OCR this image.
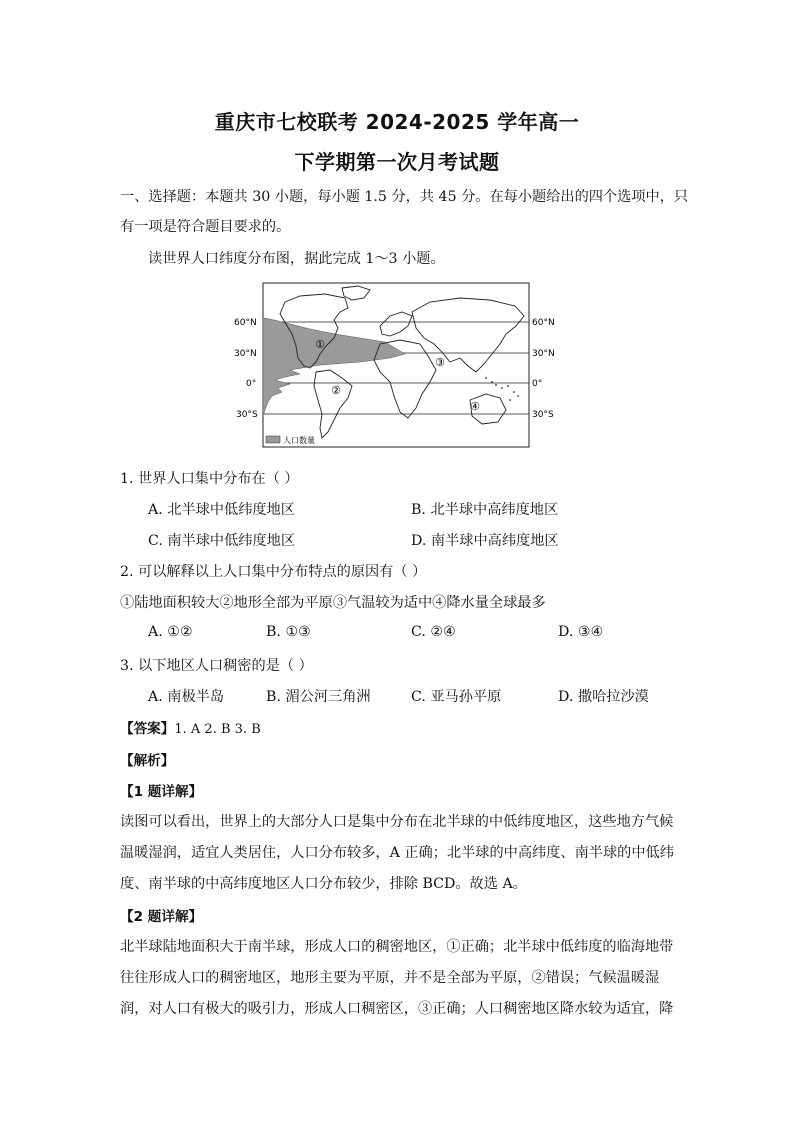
重庆市七校联考 2024-2025 学年高一
下学期第一次月考试题
一、选择题：本题共 30 小题，每小题 1.5 分，共 45 分。在每小题给出的四个选项中，只
有一项是符合题目要求的。
读世界人口纬度分布图，据此完成 1～3 小题。
①
②
③
④
60°N
30°N
0°
30°S
60°N
30°N
0°
30°S
人口数量
1. 世界人口集中分布在（ ）
A. 北半球中低纬度地区	B. 北半球中高纬度地区
C. 南半球中低纬度地区	D. 南半球中高纬度地区
2. 可以解释以上人口集中分布特点的原因有（ ）
①陆地面积较大②地形全部为平原③气温较为适中④降水量全球最多
A. ①②	B. ①③	C. ②④	D. ③④
3. 以下地区人口稠密的是（ ）
A. 南极半岛	B. 湄公河三角洲	C. 亚马孙平原	D. 撒哈拉沙漠
【答案】1. A 2. B 3. B
【解析】
【1 题详解】
读图可以看出，世界上的大部分人口是集中分布在北半球的中低纬度地区，这些地方气候
温暖湿润，适宜人类居住，人口分布较多，A 正确；北半球的中高纬度、南半球的中低纬
度、南半球的中高纬度地区人口分布较少，排除 BCD。故选 A。
【2 题详解】
北半球陆地面积大于南半球，形成人口的稠密地区，①正确；北半球中低纬度的临海地带
往往形成人口的稠密地区，地形主要为平原，并不是全部为平原，②错误；气候温暖湿
润，对人口有极大的吸引力，形成人口稠密区，③正确；人口稠密地区降水较为适宜，降
